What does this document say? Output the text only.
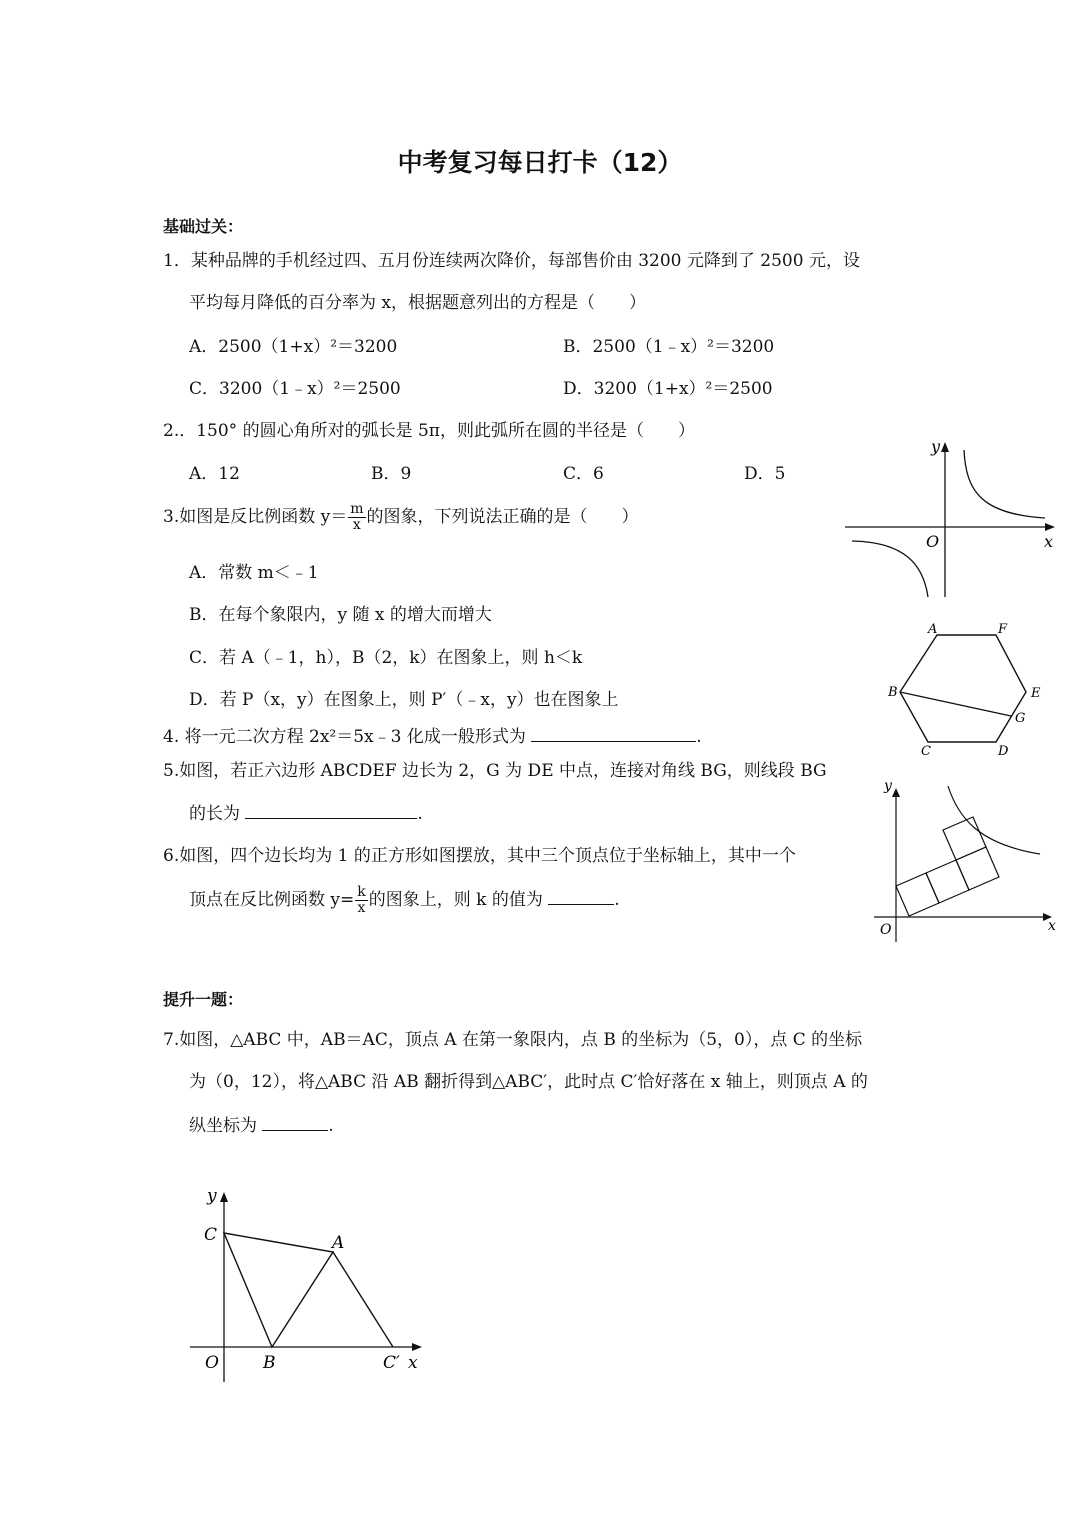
中考复习每日打卡（12）
基础过关：
1．某种品牌的手机经过四、五月份连续两次降价，每部售价由 3200 元降到了 2500 元，设
平均每月降低的百分率为 x，根据题意列出的方程是（　　）
A．2500（1+x）²＝3200	B．2500（1﹣x）²＝3200
C．3200（1﹣x）²＝2500	D．3200（1+x）²＝2500
2.．150° 的圆心角所对的弧长是 5π，则此弧所在圆的半径是（　　）
A．12	B．9	C．6	D．5
3.如图是反比例函数 $y= \frac{m}{x}$ 的图象，下列说法正确的是（　　）
A．常数 m＜﹣1
B．在每个象限内，y 随 x 的增大而增大
C．若 A（﹣1，h），B（2，k）在图象上，则 h＜k
D．若 P（x，y）在图象上，则 P′（﹣x，y）也在图象上
4. 将一元二次方程 2x²＝5x﹣3 化成一般形式为	.
5.如图，若正六边形 ABCDEF 边长为 2，G 为 DE 中点，连接对角线 BG，则线段 BG
的长为	.
6.如图，四个边长均为 1 的正方形如图摆放，其中三个顶点位于坐标轴上，其中一个
顶点在反比例函数 $y= \frac{k}{x}$ 的图象上，则 k 的值为	.
提升一题：
7.如图，△ABC 中，AB＝AC，顶点 A 在第一象限内，点 B 的坐标为（5，0），点 C 的坐标
为（0，12），将△ABC 沿 AB 翻折得到△ABC′，此时点 C′恰好落在 x 轴上，则顶点 A 的
纵坐标为	.
y
O	x
A	F
B	E
G
C	D
y
O	x
y
C	A
O	B	C′ x
